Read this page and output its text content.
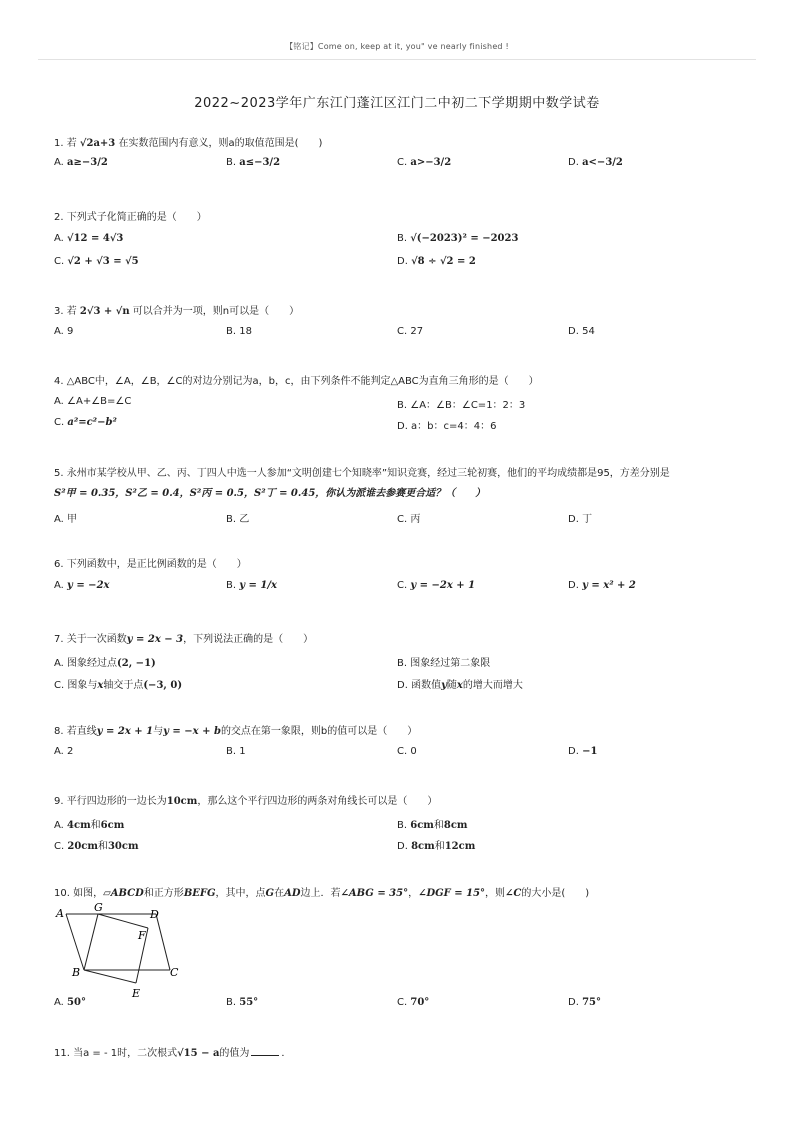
【铭记】Come on, keep at it, you" ve nearly finished !
2022~2023学年广东江门蓬江区江门二中初二下学期期中数学试卷
1. 若 √2a+3 在实数范围内有意义，则a的取值范围是(　　)
A. a≥−3/2	B. a≤−3/2	C. a>−3/2	D. a<−3/2
2. 下列式子化简正确的是（　　）
A. √12 = 4√3	B. √(−2023)² = −2023
C. √2 + √3 = √5	D. √8 ÷ √2 = 2
3. 若 2√3 + √n 可以合并为一项，则n可以是（　　）
A. 9	B. 18	C. 27	D. 54
4. △ABC中，∠A，∠B，∠C的对边分别记为a，b，c，由下列条件不能判定△ABC为直角三角形的是（　　）
A. ∠A+∠B=∠C	B. ∠A：∠B：∠C=1：2：3
C. a²=c²−b²	D. a：b：c=4：4：6
5. 永州市某学校从甲、乙、丙、丁四人中选一人参加“文明创建七个知晓率”知识竞赛，经过三轮初赛，他们的平均成绩都是95，方差分别是
S²甲 = 0.35，S²乙 = 0.4，S²丙 = 0.5，S²丁 = 0.45，你认为派谁去参赛更合适？（　　）
A. 甲	B. 乙	C. 丙	D. 丁
6. 下列函数中，是正比例函数的是（　　）
A. y = −2x	B. y = 1/x	C. y = −2x + 1	D. y = x² + 2
7. 关于一次函数y = 2x − 3，下列说法正确的是（　　）
A. 图象经过点(2, −1)	B. 图象经过第二象限
C. 图象与x轴交于点(−3, 0)	D. 函数值y随x的增大而增大
8. 若直线y = 2x + 1与y = −x + b的交点在第一象限，则b的值可以是（　　）
A. 2	B. 1	C. 0	D. −1
9. 平行四边形的一边长为10cm，那么这个平行四边形的两条对角线长可以是（　　）
A. 4cm和6cm	B. 6cm和8cm
C. 20cm和30cm	D. 8cm和12cm
10. 如图，▱ABCD和正方形BEFG，其中，点G在AD边上．若∠ABG = 35°，∠DGF = 15°，则∠C的大小是(　　)
A	G
D
F
B	C
E
A. 50°	B. 55°	C. 70°	D. 75°
11. 当a = - 1时，二次根式√15 − a的值为	．
